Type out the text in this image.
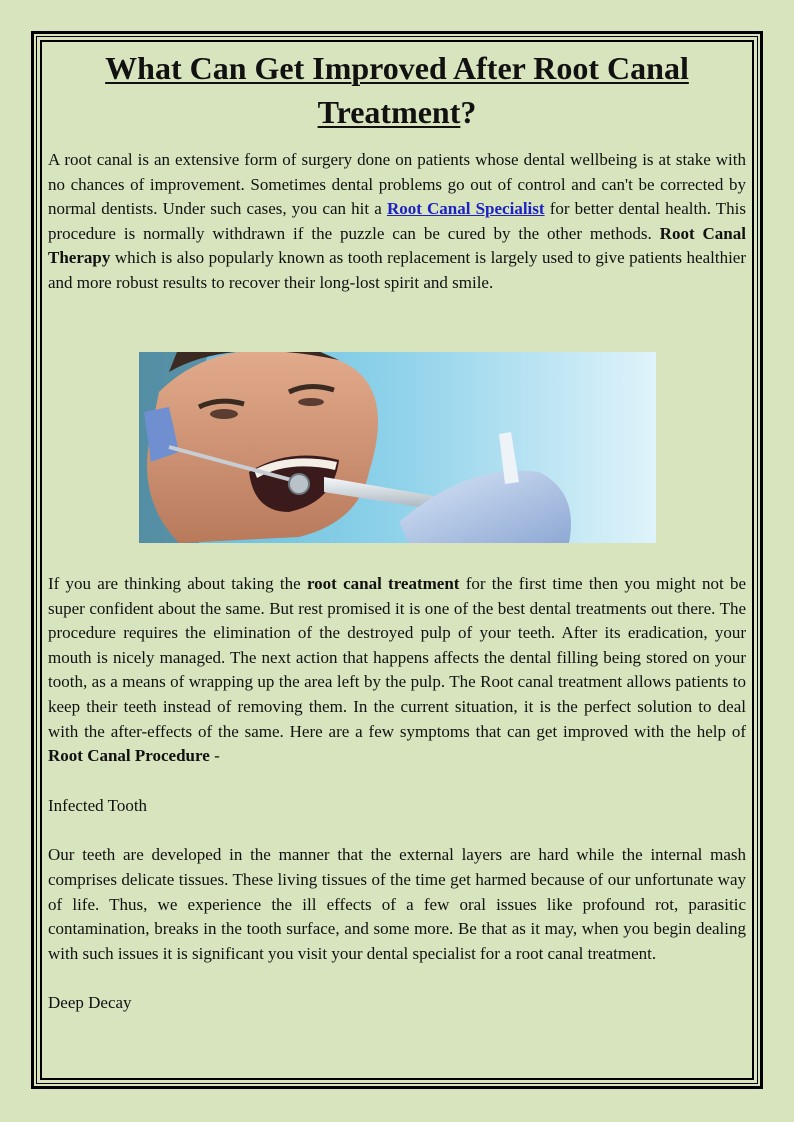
What Can Get Improved After Root Canal Treatment?

A root canal is an extensive form of surgery done on patients whose dental wellbeing is at stake with no chances of improvement. Sometimes dental problems go out of control and can't be corrected by normal dentists. Under such cases, you can hit a Root Canal Specialist for better dental health. This procedure is normally withdrawn if the puzzle can be cured by the other methods. Root Canal Therapy which is also popularly known as tooth replacement is largely used to give patients healthier and more robust results to recover their long-lost spirit and smile.

If you are thinking about taking the root canal treatment for the first time then you might not be super confident about the same. But rest promised it is one of the best dental treatments out there. The procedure requires the elimination of the destroyed pulp of your teeth. After its eradication, your mouth is nicely managed. The next action that happens affects the dental filling being stored on your tooth, as a means of wrapping up the area left by the pulp. The Root canal treatment allows patients to keep their teeth instead of removing them. In the current situation, it is the perfect solution to deal with the after-effects of the same. Here are a few symptoms that can get improved with the help of Root Canal Procedure -

Infected Tooth

Our teeth are developed in the manner that the external layers are hard while the internal mash comprises delicate tissues. These living tissues of the time get harmed because of our unfortunate way of life. Thus, we experience the ill effects of a few oral issues like profound rot, parasitic contamination, breaks in the tooth surface, and some more. Be that as it may, when you begin dealing with such issues it is significant you visit your dental specialist for a root canal treatment.

Deep Decay
